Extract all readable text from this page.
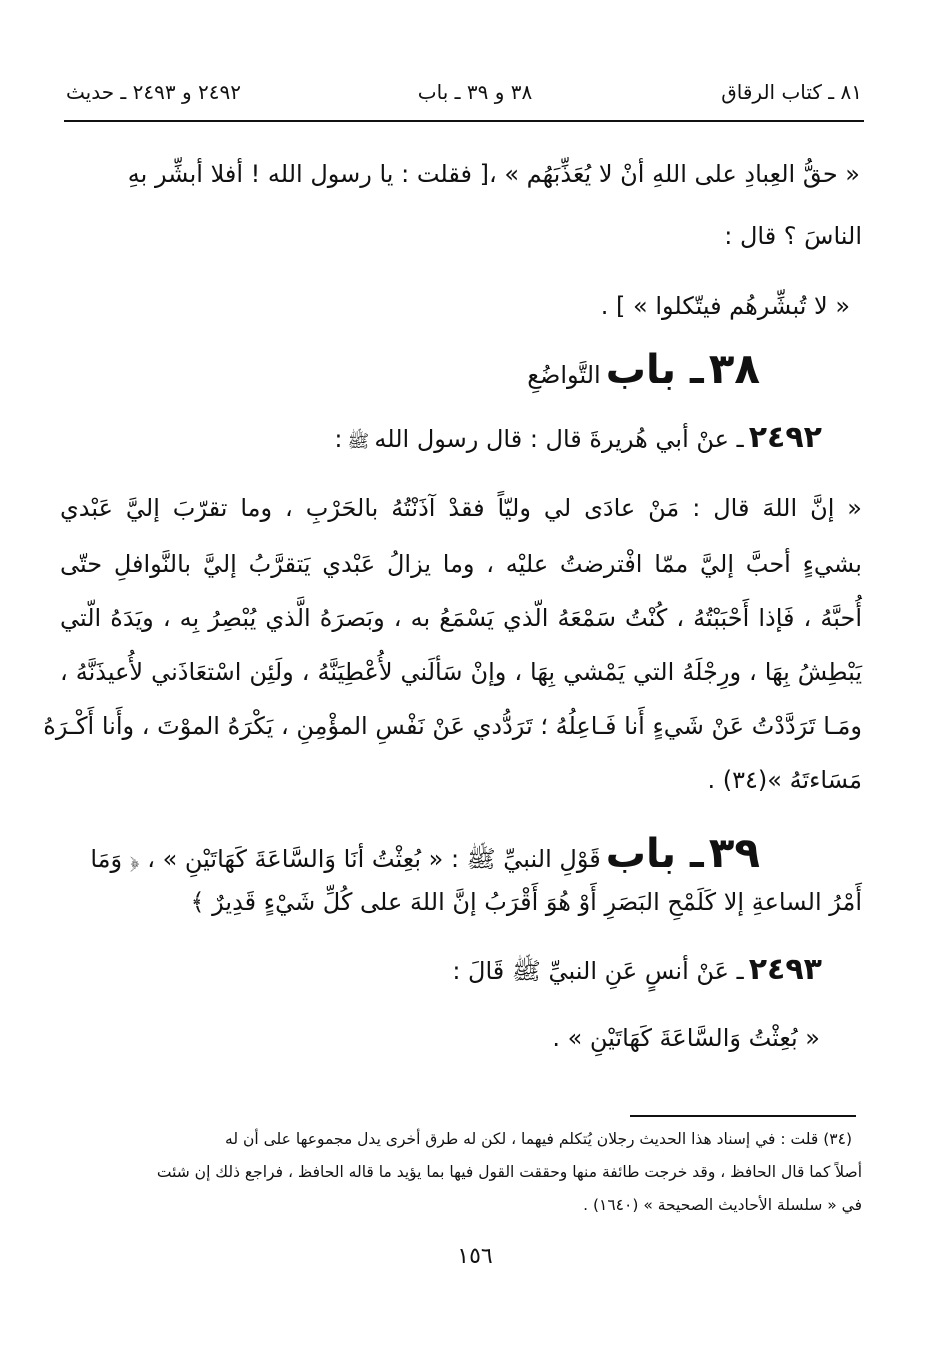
٨١ ـ كتاب الرقاق
٣٨ و ٣٩ ـ باب
٢٤٩٢ و ٢٤٩٣ ـ حديث
« حقُّ العِبادِ على اللهِ أنْ لا يُعَذِّبَهُم » ،[ فقلت : يا رسول الله ! أفلا أبشِّر بهِ
الناسَ ؟ قال :
« لا تُبشِّرهُم فيتّكلوا » ] .
٣٨ ـ باب التَّواضُعِ
٢٤٩٢ ـ عنْ أبي هُريرةَ قال : قال رسول الله ﷺ :
« إنَّ اللهَ قال : مَنْ عادَى لي وليّاً فقدْ آذَنْتُهُ بالحَرْبِ ، وما تقرّبَ إليَّ عَبْدي
بشيءٍ أحبَّ إليَّ ممّا افْترضتُ عليْه ، وما يزالُ عَبْدي يَتقرَّبُ إليَّ بالنَّوافلِ حتّى
أُحبَّهُ ، فَإذا أَحْبَبْتُهُ ، كُنْتُ سَمْعَهُ الّذي يَسْمَعُ به ، وبَصرَهُ الَّذي يُبْصِرُ بِه ، ويَدَهُ الّتي
يَبْطِشُ بِهَا ، ورِجْلَهُ التي يَمْشي بِهَا ، وإنْ سَألَني لأُعْطِيَنَّهُ ، ولَئِن اسْتعَاذَني لأُعيذَنَّهُ ،
ومَـا تَرَدَّدْتُ عَنْ شَيءٍ أَنا فَـاعِلُهُ ؛ تَرَدُّدي عَنْ نَفْسِ المؤْمِنِ ، يَكْرَهُ الموْتَ ، وأَنا أَكْـرَهُ
مَسَاءتَهُ »(٣٤) .
٣٩ ـ باب قَوْلِ النبيِّ ﷺ : « بُعِثْتُ أنَا وَالسَّاعَةَ كَهَاتَيْنِ » ، ﴿ وَمَا
أَمْرُ الساعةِ إلا كَلَمْحِ البَصَرِ أَوْ هُوَ أَقْرَبُ إنَّ اللهَ على كُلِّ شَيْءٍ قَدِيرٌ ﴾
٢٤٩٣ ـ عَنْ أنسٍ عَنِ النبيِّ ﷺ قَالَ :
« بُعِثْتُ وَالسَّاعَةَ كَهَاتَيْنِ » .
(٣٤) قلت : في إسناد هذا الحديث رجلان يُتكلم فيهما ، لكن له طرق أخرى يدل مجموعها على أن له
أصلاً كما قال الحافظ ، وقد خرجت طائفة منها وحققت القول فيها بما يؤيد ما قاله الحافظ ، فراجع ذلك إن شئت
في « سلسلة الأحاديث الصحيحة » (١٦٤٠) .
١٥٦
